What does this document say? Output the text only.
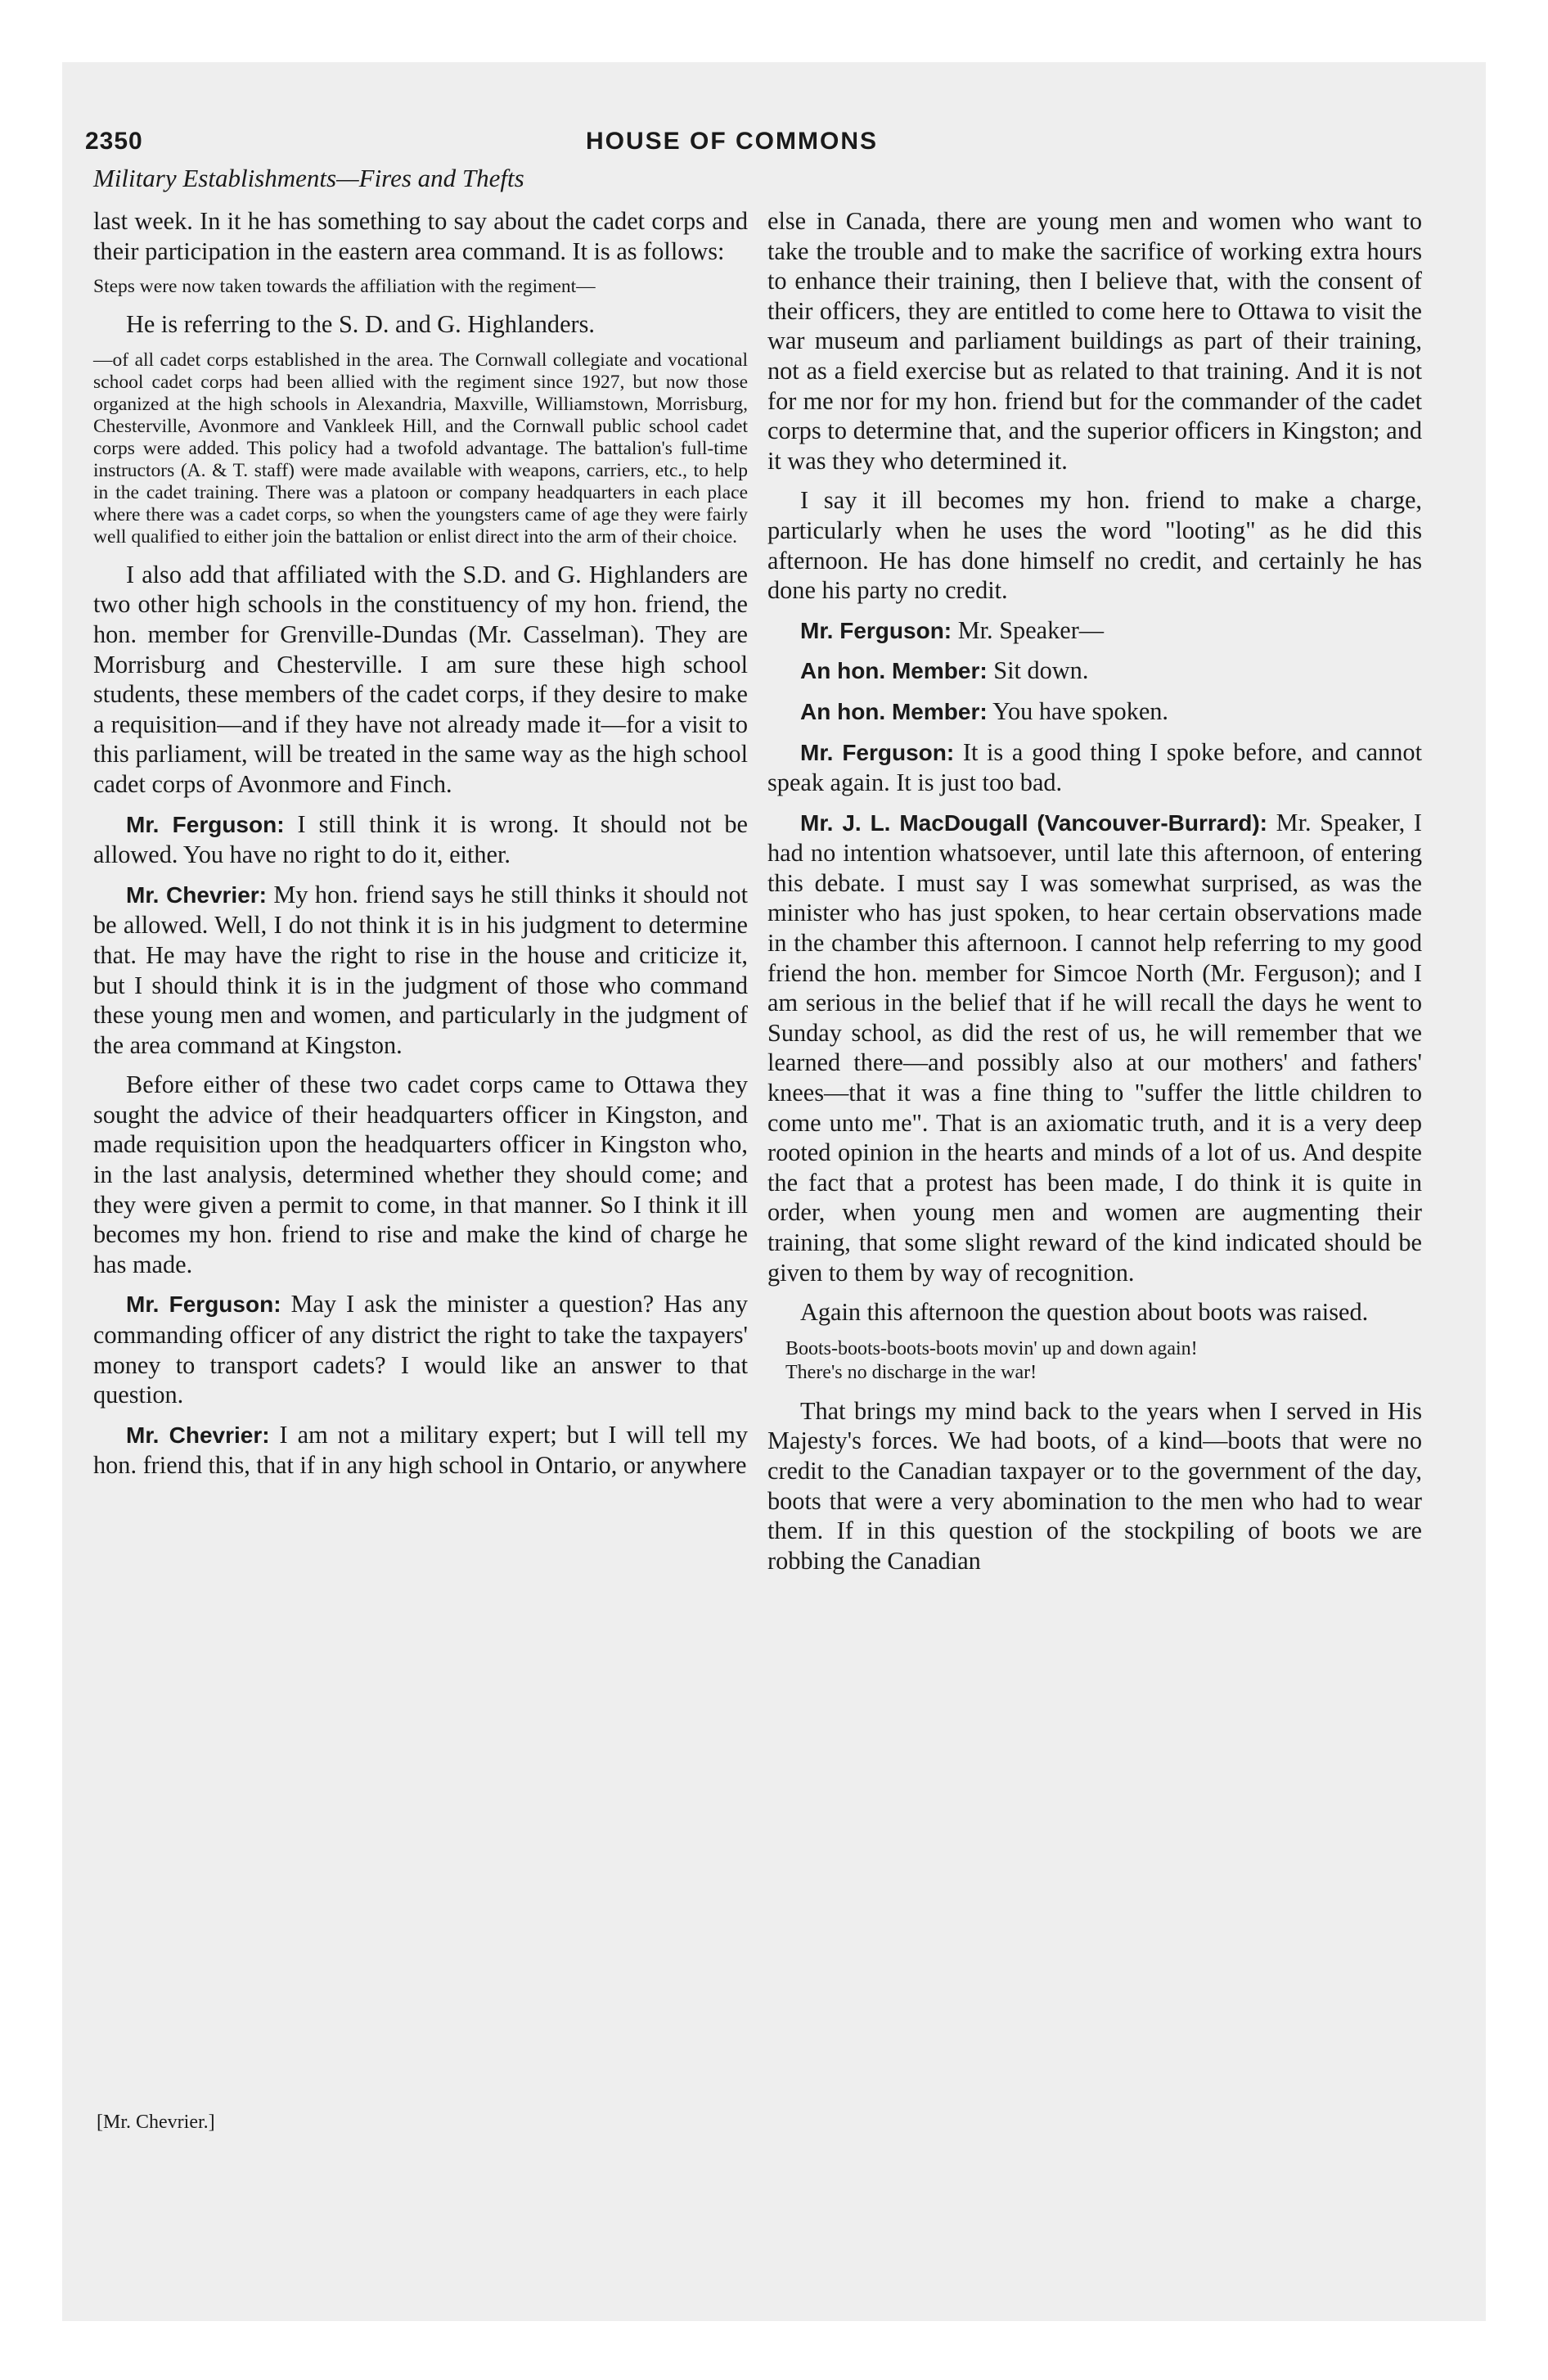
2350	HOUSE OF COMMONS
Military Establishments—Fires and Thefts

last week. In it he has something to say about the cadet corps and their participation in the eastern area command. It is as follows:

Steps were now taken towards the affiliation with the regiment—

He is referring to the S. D. and G. Highlanders.

—of all cadet corps established in the area. The Cornwall collegiate and vocational school cadet corps had been allied with the regiment since 1927, but now those organized at the high schools in Alexandria, Maxville, Williamstown, Morrisburg, Chesterville, Avonmore and Vankleek Hill, and the Cornwall public school cadet corps were added. This policy had a twofold advantage. The battalion's full-time instructors (A. & T. staff) were made available with weapons, carriers, etc., to help in the cadet training. There was a platoon or company headquarters in each place where there was a cadet corps, so when the youngsters came of age they were fairly well qualified to either join the battalion or enlist direct into the arm of their choice.

I also add that affiliated with the S.D. and G. Highlanders are two other high schools in the constituency of my hon. friend, the hon. member for Grenville-Dundas (Mr. Casselman). They are Morrisburg and Chesterville. I am sure these high school students, these members of the cadet corps, if they desire to make a requisition—and if they have not already made it—for a visit to this parliament, will be treated in the same way as the high school cadet corps of Avonmore and Finch.

Mr. Ferguson: I still think it is wrong. It should not be allowed. You have no right to do it, either.

Mr. Chevrier: My hon. friend says he still thinks it should not be allowed. Well, I do not think it is in his judgment to determine that. He may have the right to rise in the house and criticize it, but I should think it is in the judgment of those who command these young men and women, and particularly in the judgment of the area command at Kingston.

Before either of these two cadet corps came to Ottawa they sought the advice of their headquarters officer in Kingston, and made requisition upon the headquarters officer in Kingston who, in the last analysis, determined whether they should come; and they were given a permit to come, in that manner. So I think it ill becomes my hon. friend to rise and make the kind of charge he has made.

Mr. Ferguson: May I ask the minister a question? Has any commanding officer of any district the right to take the taxpayers' money to transport cadets? I would like an answer to that question.

Mr. Chevrier: I am not a military expert; but I will tell my hon. friend this, that if in any high school in Ontario, or anywhere

else in Canada, there are young men and women who want to take the trouble and to make the sacrifice of working extra hours to enhance their training, then I believe that, with the consent of their officers, they are entitled to come here to Ottawa to visit the war museum and parliament buildings as part of their training, not as a field exercise but as related to that training. And it is not for me nor for my hon. friend but for the commander of the cadet corps to determine that, and the superior officers in Kingston; and it was they who determined it.

I say it ill becomes my hon. friend to make a charge, particularly when he uses the word "looting" as he did this afternoon. He has done himself no credit, and certainly he has done his party no credit.

Mr. Ferguson: Mr. Speaker—

An hon. Member: Sit down.

An hon. Member: You have spoken.

Mr. Ferguson: It is a good thing I spoke before, and cannot speak again. It is just too bad.

Mr. J. L. MacDougall (Vancouver-Burrard): Mr. Speaker, I had no intention whatsoever, until late this afternoon, of entering this debate. I must say I was somewhat surprised, as was the minister who has just spoken, to hear certain observations made in the chamber this afternoon. I cannot help referring to my good friend the hon. member for Simcoe North (Mr. Ferguson); and I am serious in the belief that if he will recall the days he went to Sunday school, as did the rest of us, he will remember that we learned there—and possibly also at our mothers' and fathers' knees—that it was a fine thing to "suffer the little children to come unto me". That is an axiomatic truth, and it is a very deep rooted opinion in the hearts and minds of a lot of us. And despite the fact that a protest has been made, I do think it is quite in order, when young men and women are augmenting their training, that some slight reward of the kind indicated should be given to them by way of recognition.

Again this afternoon the question about boots was raised.

Boots-boots-boots-boots movin' up and down again!
There's no discharge in the war!

That brings my mind back to the years when I served in His Majesty's forces. We had boots, of a kind—boots that were no credit to the Canadian taxpayer or to the government of the day, boots that were a very abomination to the men who had to wear them. If in this question of the stockpiling of boots we are robbing the Canadian

[Mr. Chevrier.]
